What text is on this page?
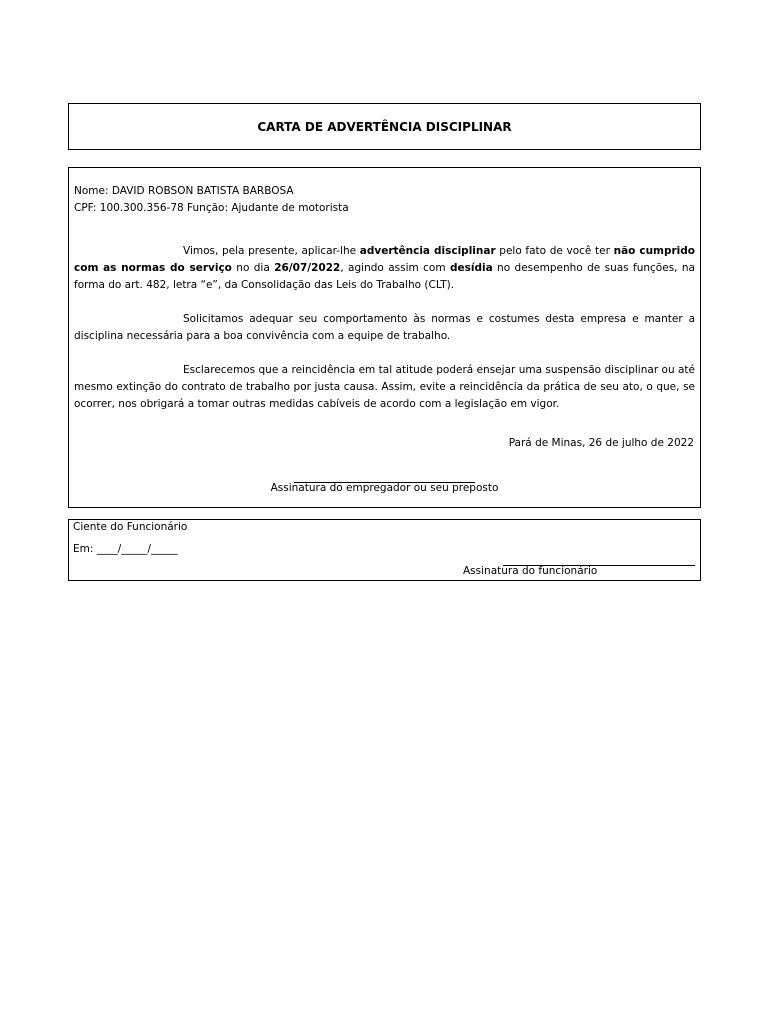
CARTA DE ADVERTÊNCIA DISCIPLINAR
Nome: DAVID ROBSON BATISTA BARBOSA
CPF: 100.300.356-78 Função: Ajudante de motorista

Vimos, pela presente, aplicar-lhe advertência disciplinar pelo fato de você ter não cumprido com as normas do serviço no dia 26/07/2022, agindo assim com desídia no desempenho de suas funções, na forma do art. 482, letra “e”, da Consolidação das Leis do Trabalho (CLT).

Solicitamos adequar seu comportamento às normas e costumes desta empresa e manter a disciplina necessária para a boa convivência com a equipe de trabalho.

Esclarecemos que a reincidência em tal atitude poderá ensejar uma suspensão disciplinar ou até mesmo extinção do contrato de trabalho por justa causa. Assim, evite a reincidência da prática de seu ato, o que, se ocorrer, nos obrigará a tomar outras medidas cabíveis de acordo com a legislação em vigor.

Pará de Minas, 26 de julho de 2022
Assinatura do empregador ou seu preposto
Ciente do Funcionário
Em: ____/_____/_____
Assinatura do funcionário
